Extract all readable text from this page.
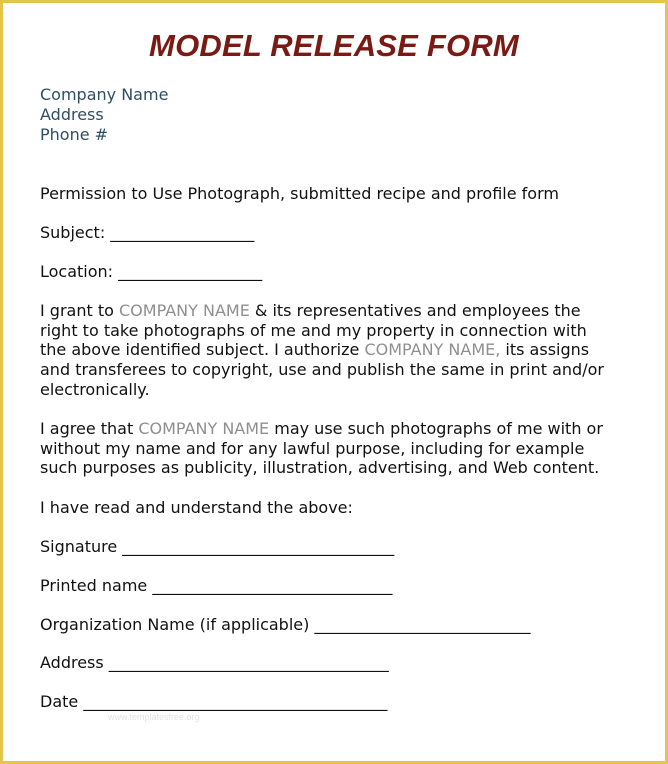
MODEL RELEASE FORM
Company Name
Address
Phone #
Permission to Use Photograph, submitted recipe and profile form
Subject: __________________
Location: __________________
I grant to COMPANY NAME & its representatives and employees the
right to take photographs of me and my property in connection with
the above identified subject. I authorize COMPANY NAME, its assigns
and transferees to copyright, use and publish the same in print and/or
electronically.
I agree that COMPANY NAME may use such photographs of me with or
without my name and for any lawful purpose, including for example
such purposes as publicity, illustration, advertising, and Web content.
I have read and understand the above:
Signature __________________________________
Printed name ______________________________
Organization Name (if applicable) ___________________________
Address ___________________________________
Date ______________________________________
www.templatesfree.org
